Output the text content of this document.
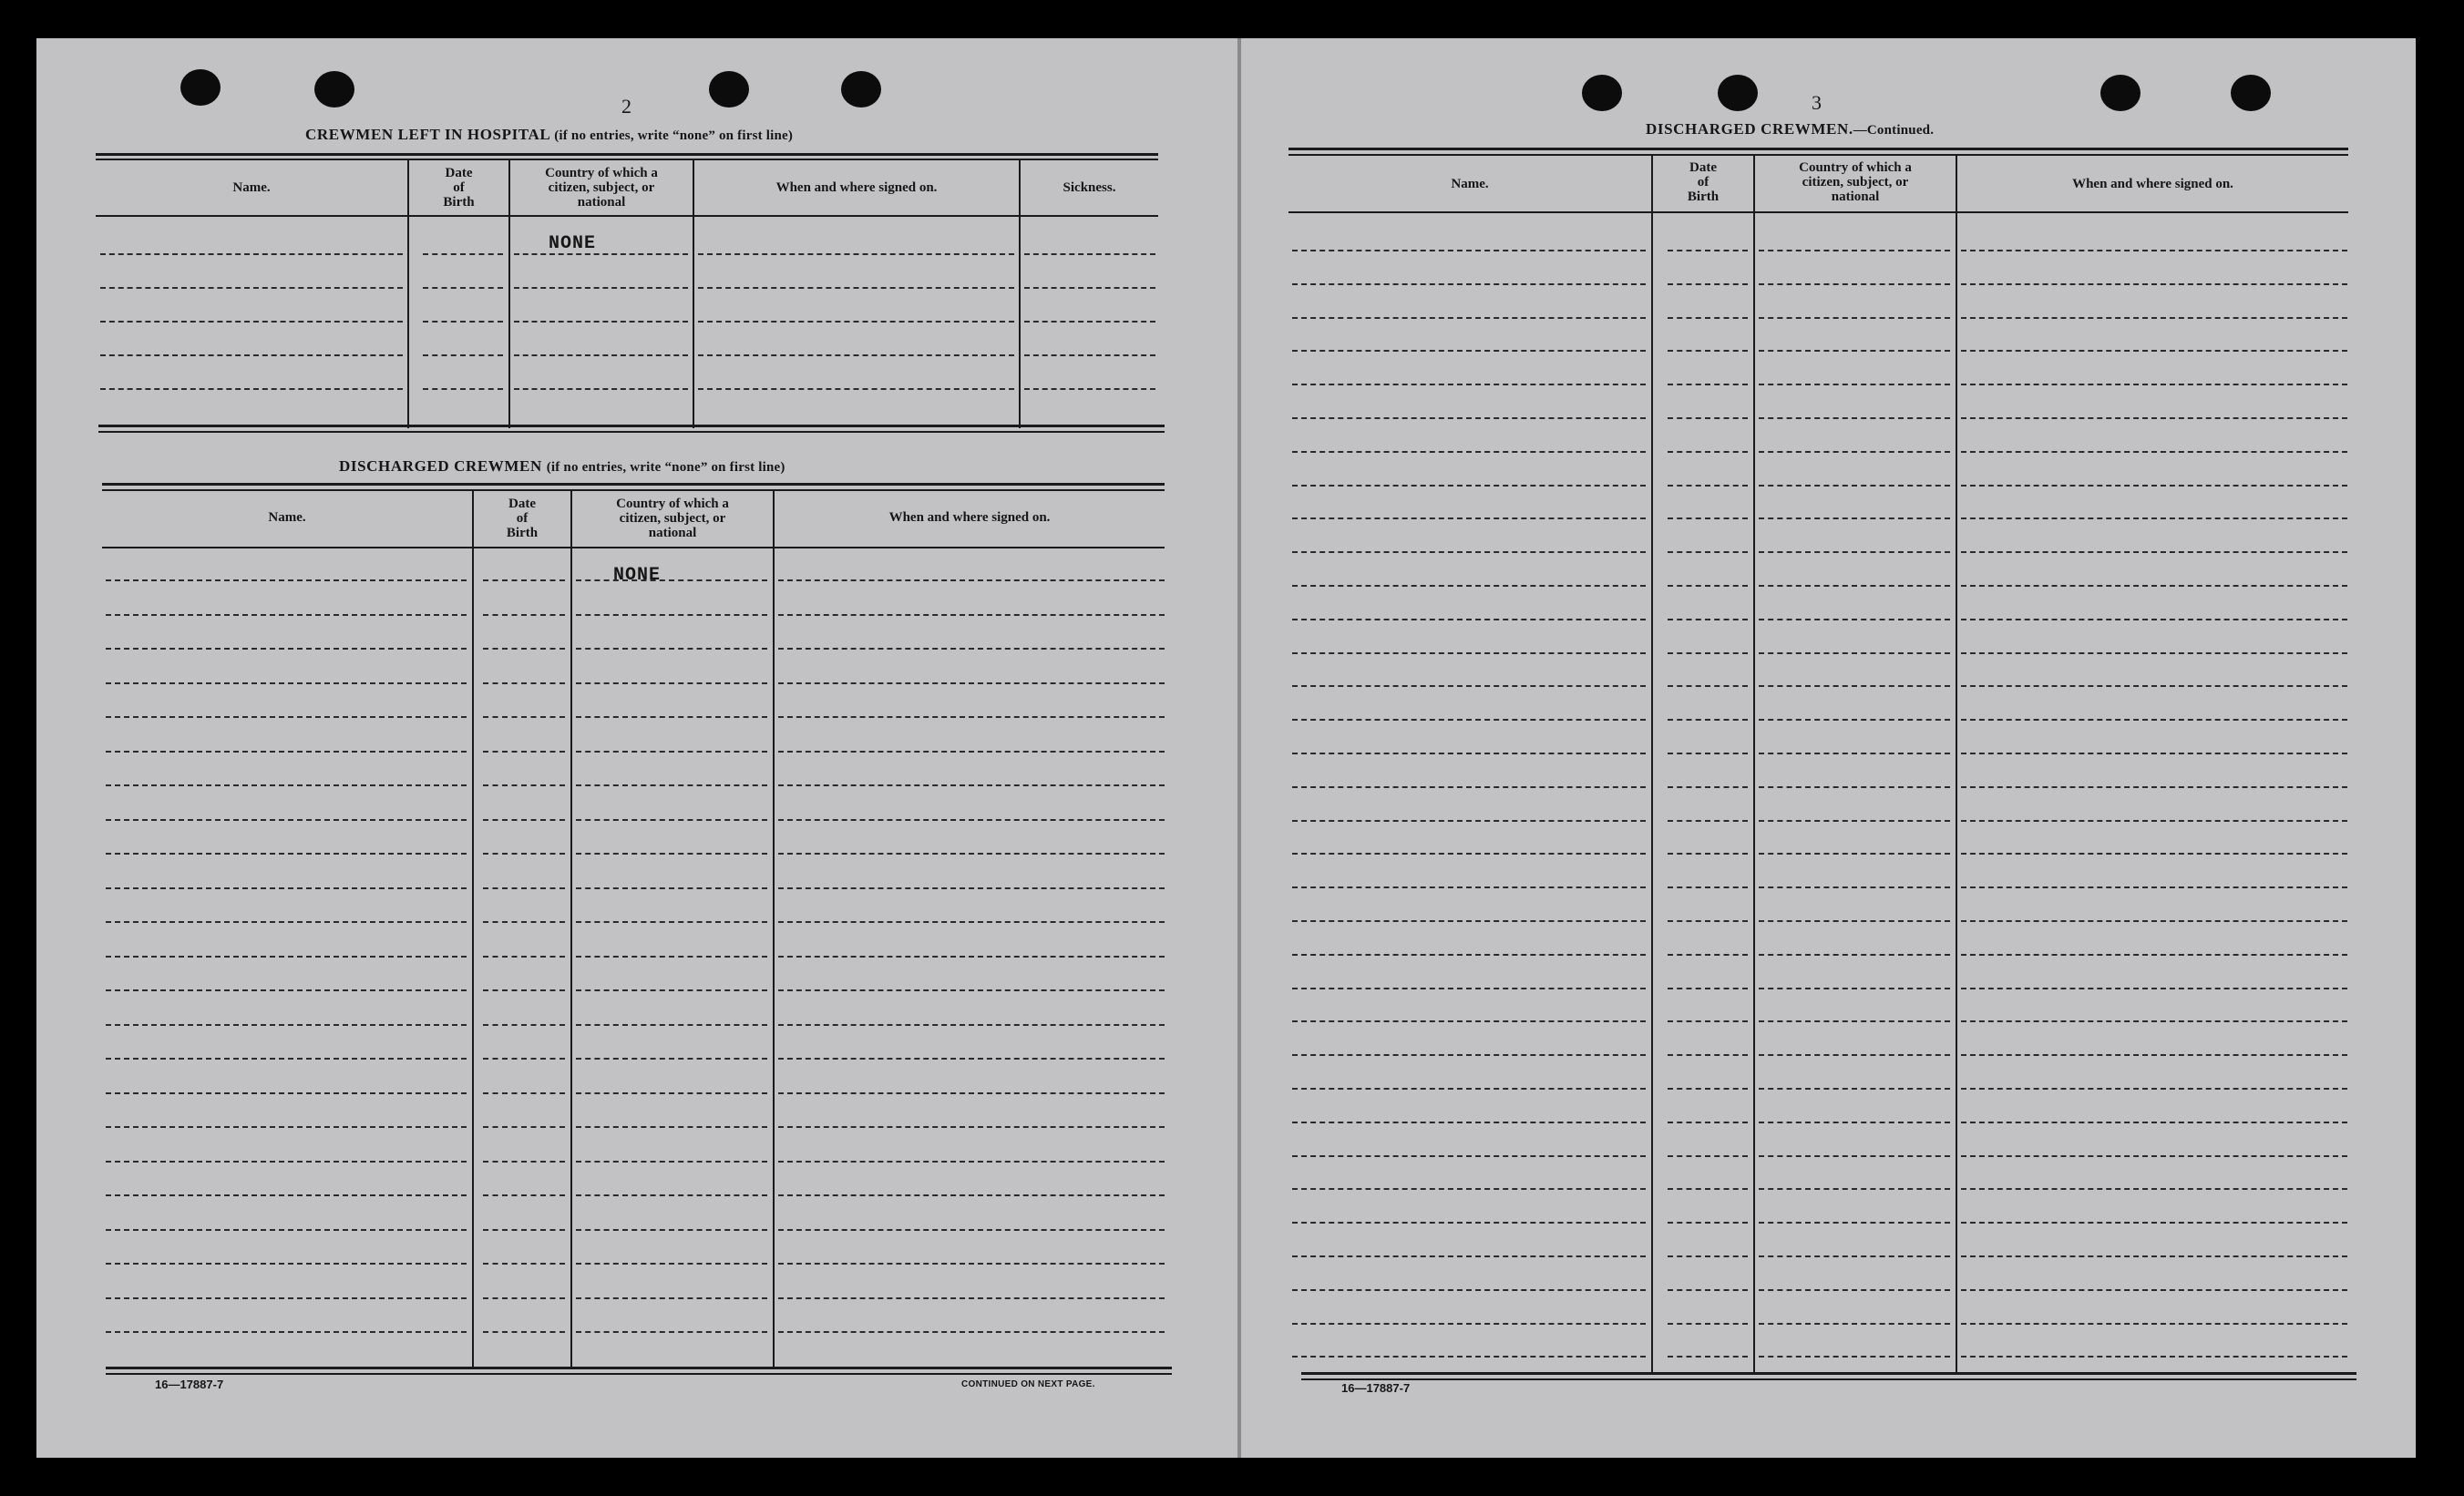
2
CREWMEN LEFT IN HOSPITAL (if no entries, write “none” on first line)
Name.
Date
of
Birth
Country of which a
citizen, subject, or
national
When and where signed on.	Sickness.
NONE
DISCHARGED CREWMEN (if no entries, write “none” on first line)
Name.
Date
of
Birth
Country of which a
citizen, subject, or
national
When and where signed on.
NONE
16—17887-7	CONTINUED ON NEXT PAGE.
3
DISCHARGED CREWMEN.—Continued.
Name.
Date
of
Birth
Country of which a
citizen, subject, or
national
When and where signed on.
16—17887-7
